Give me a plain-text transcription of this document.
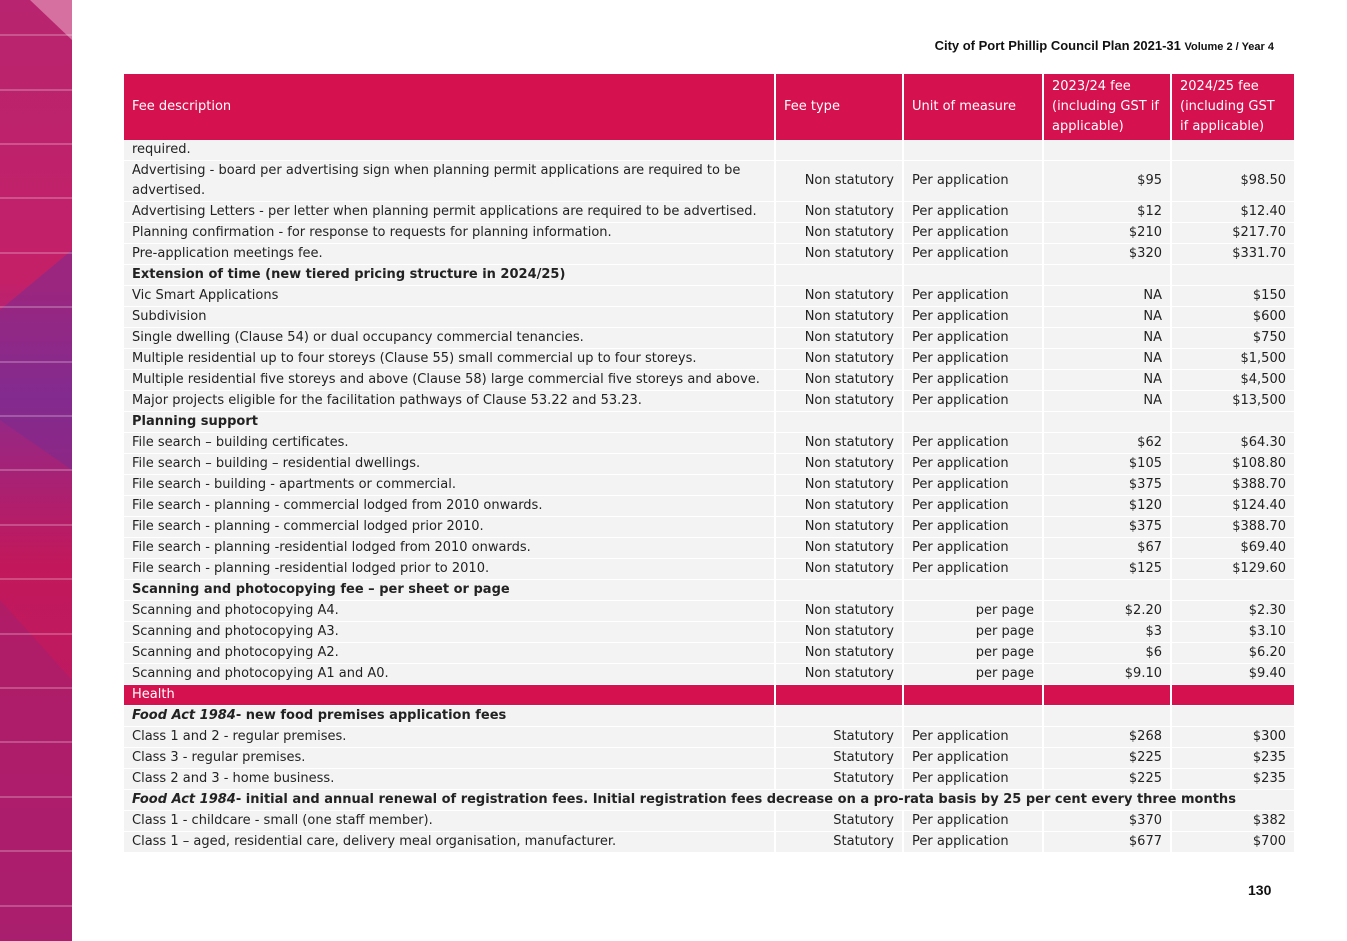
City of Port Phillip Council Plan 2021-31 Volume 2 / Year 4
Fee description	Fee type	Unit of measure	2023/24 fee (including GST if applicable)	2024/25 fee (including GST if applicable)
required.				
Advertising - board per advertising sign when planning permit applications are required to be advertised.	Non statutory	Per application	$95	$98.50
Advertising Letters - per letter when planning permit applications are required to be advertised.	Non statutory	Per application	$12	$12.40
Planning confirmation - for response to requests for planning information.	Non statutory	Per application	$210	$217.70
Pre-application meetings fee.	Non statutory	Per application	$320	$331.70
Extension of time (new tiered pricing structure in 2024/25)				
Vic Smart Applications	Non statutory	Per application	NA	$150
Subdivision	Non statutory	Per application	NA	$600
Single dwelling (Clause 54) or dual occupancy commercial tenancies.	Non statutory	Per application	NA	$750
Multiple residential up to four storeys (Clause 55) small commercial up to four storeys.	Non statutory	Per application	NA	$1,500
Multiple residential five storeys and above (Clause 58) large commercial five storeys and above.	Non statutory	Per application	NA	$4,500
Major projects eligible for the facilitation pathways of Clause 53.22 and 53.23.	Non statutory	Per application	NA	$13,500
Planning support				
File search – building certificates.	Non statutory	Per application	$62	$64.30
File search – building – residential dwellings.	Non statutory	Per application	$105	$108.80
File search - building - apartments or commercial.	Non statutory	Per application	$375	$388.70
File search - planning - commercial lodged from 2010 onwards.	Non statutory	Per application	$120	$124.40
File search - planning - commercial lodged prior 2010.	Non statutory	Per application	$375	$388.70
File search - planning -residential lodged from 2010 onwards.	Non statutory	Per application	$67	$69.40
File search - planning -residential lodged prior to 2010.	Non statutory	Per application	$125	$129.60
Scanning and photocopying fee – per sheet or page				
Scanning and photocopying A4.	Non statutory	per page	$2.20	$2.30
Scanning and photocopying A3.	Non statutory	per page	$3	$3.10
Scanning and photocopying A2.	Non statutory	per page	$6	$6.20
Scanning and photocopying A1 and A0.	Non statutory	per page	$9.10	$9.40
Health				
Food Act 1984- new food premises application fees				
Class 1 and 2 - regular premises.	Statutory	Per application	$268	$300
Class 3 - regular premises.	Statutory	Per application	$225	$235
Class 2 and 3 - home business.	Statutory	Per application	$225	$235
Food Act 1984- initial and annual renewal of registration fees. Initial registration fees decrease on a pro-rata basis by 25 per cent every three months				
Class 1 - childcare - small (one staff member).	Statutory	Per application	$370	$382
Class 1 – aged, residential care, delivery meal organisation, manufacturer.	Statutory	Per application	$677	$700
130
